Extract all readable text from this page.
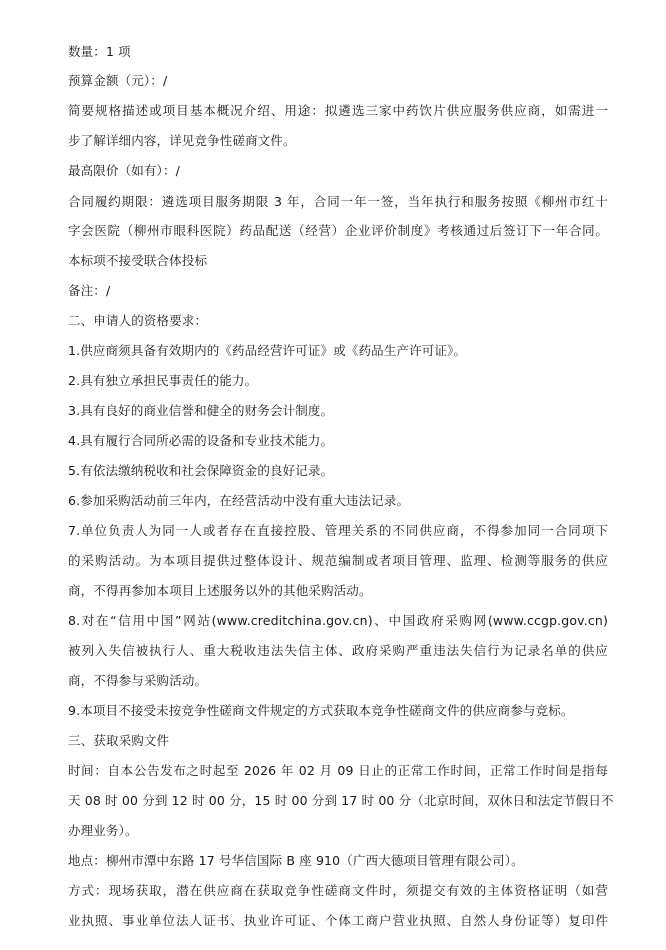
数量：1 项
预算金额（元）：/
简要规格描述或项目基本概况介绍、用途：拟遴选三家中药饮片供应服务供应商，如需进一
步了解详细内容，详见竞争性磋商文件。
最高限价（如有）：/
合同履约期限：遴选项目服务期限 3 年，合同一年一签，当年执行和服务按照《柳州市红十
字会医院（柳州市眼科医院）药品配送（经营）企业评价制度》考核通过后签订下一年合同。
本标项不接受联合体投标
备注：/
二、申请人的资格要求：
1.供应商须具备有效期内的《药品经营许可证》或《药品生产许可证》。
2.具有独立承担民事责任的能力。
3.具有良好的商业信誉和健全的财务会计制度。
4.具有履行合同所必需的设备和专业技术能力。
5.有依法缴纳税收和社会保障资金的良好记录。
6.参加采购活动前三年内，在经营活动中没有重大违法记录。
7.单位负责人为同一人或者存在直接控股、管理关系的不同供应商，不得参加同一合同项下
的采购活动。为本项目提供过整体设计、规范编制或者项目管理、监理、检测等服务的供应
商，不得再参加本项目上述服务以外的其他采购活动。
8.对在“信用中国”网站(www.creditchina.gov.cn)、中国政府采购网(www.ccgp.gov.cn)
被列入失信被执行人、重大税收违法失信主体、政府采购严重违法失信行为记录名单的供应
商，不得参与采购活动。
9.本项目不接受未按竞争性磋商文件规定的方式获取本竞争性磋商文件的供应商参与竞标。
三、获取采购文件
时间：自本公告发布之时起至 2026 年 02 月 09 日止的正常工作时间，正常工作时间是指每
天 08 时 00 分到 12 时 00 分，15 时 00 分到 17 时 00 分（北京时间，双休日和法定节假日不
办理业务）。
地点：柳州市潭中东路 17 号华信国际 B 座 910（广西大德项目管理有限公司）。
方式：现场获取，潜在供应商在获取竞争性磋商文件时，须提交有效的主体资格证明（如营
业执照、事业单位法人证书、执业许可证、个体工商户营业执照、自然人身份证等）复印件
